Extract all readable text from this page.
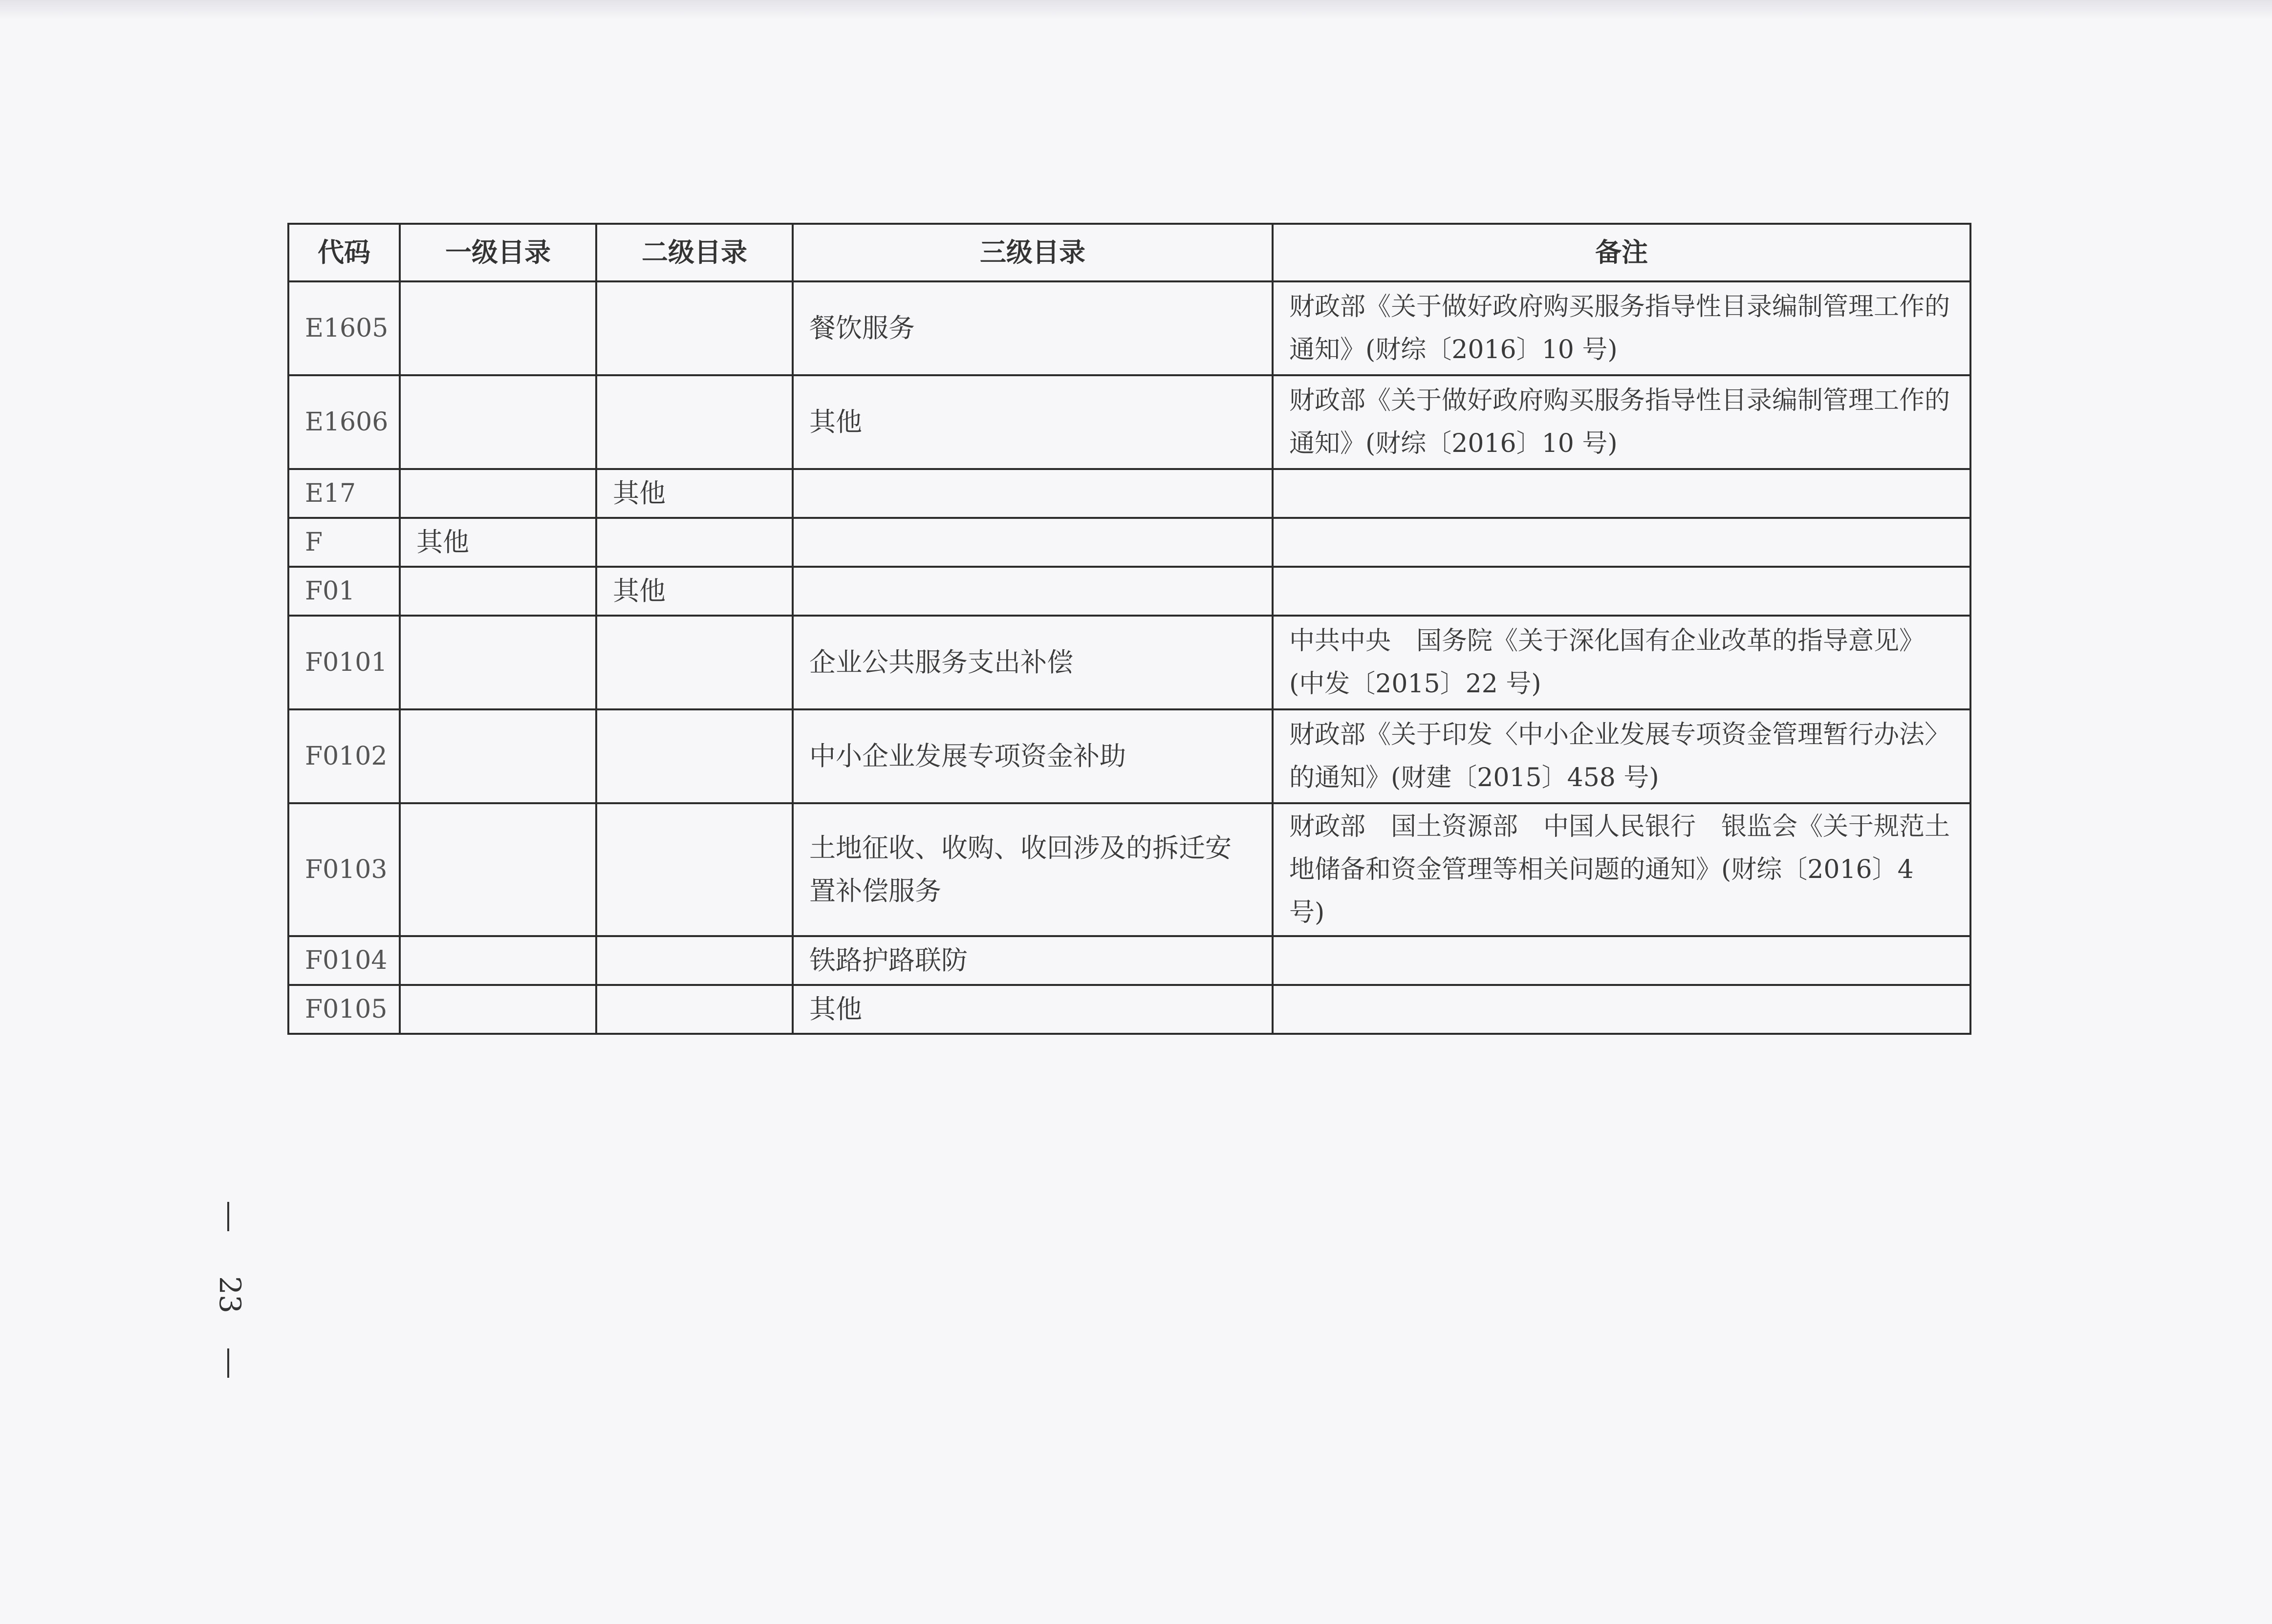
代码	一级目录	二级目录	三级目录	备注
E1605			餐饮服务	财政部《关于做好政府购买服务指导性目录编制管理工作的通知》(财综〔2016〕10 号)
E1606			其他	财政部《关于做好政府购买服务指导性目录编制管理工作的通知》(财综〔2016〕10 号)
E17		其他		
F	其他			
F01		其他		
F0101			企业公共服务支出补偿	中共中央　国务院《关于深化国有企业改革的指导意见》(中发〔2015〕22 号)
F0102			中小企业发展专项资金补助	财政部《关于印发〈中小企业发展专项资金管理暂行办法〉的通知》(财建〔2015〕458 号)
F0103			土地征收、收购、收回涉及的拆迁安置补偿服务	财政部　国土资源部　中国人民银行　银监会《关于规范土地储备和资金管理等相关问题的通知》(财综〔2016〕4 号)
F0104			铁路护路联防	
F0105			其他	
23
